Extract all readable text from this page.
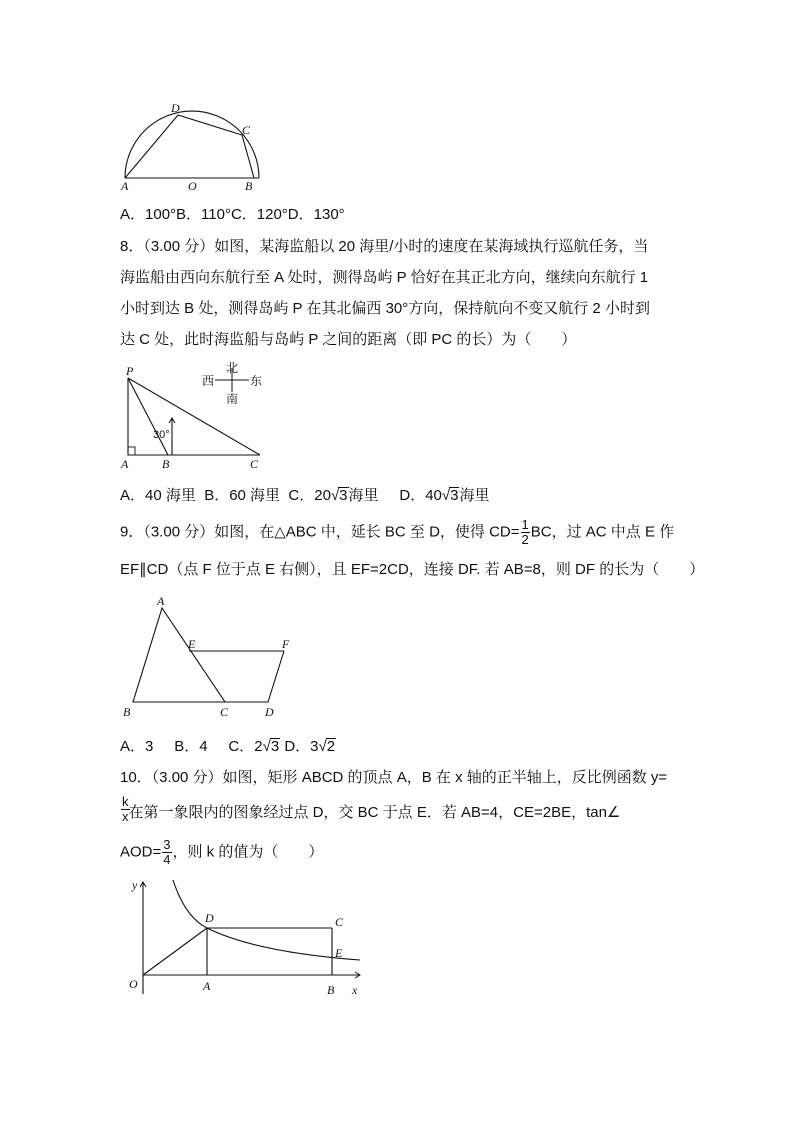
D
C
A	O	B
A．100°B．110°C．120°D．130°
8．（3.00 分）如图，某海监船以 20 海里/小时的速度在某海域执行巡航任务，当
海监船由西向东航行至 A 处时，测得岛屿 P 恰好在其正北方向，继续向东航行 1
小时到达 B 处，测得岛屿 P 在其北偏西 30°方向，保持航向不变又航行 2 小时到
达 C 处，此时海监船与岛屿 P 之间的距离（即 PC 的长）为（　　）
北
西	东
南
P
30°
A	B	C
A．40 海里 B．60 海里 C．20√3海里 D．40√3海里
9．（3.00 分）如图，在△ABC 中，延长 BC 至 D，使得 $CD= \frac{1}{2}$ BC，过 AC 中点 E 作
EF∥CD（点 F 位于点 E 右侧），且 EF=2CD，连接 DF. 若 AB=8，则 DF 的长为（　　）
A
E	F
B	C	D
A．3 B．4 C．2√3 D．3√2
10．（3.00 分）如图，矩形 ABCD 的顶点 A，B 在 x 轴的正半轴上，反比例函数 y=
$\frac{k}{x}$ 在第一象限内的图象经过点 D，交 BC 于点 E．若 AB=4，CE=2BE，tan∠
$AOD= \frac{3}{4}$ ，则 k 的值为（　　）
y
D	C
E
O	A	B x
